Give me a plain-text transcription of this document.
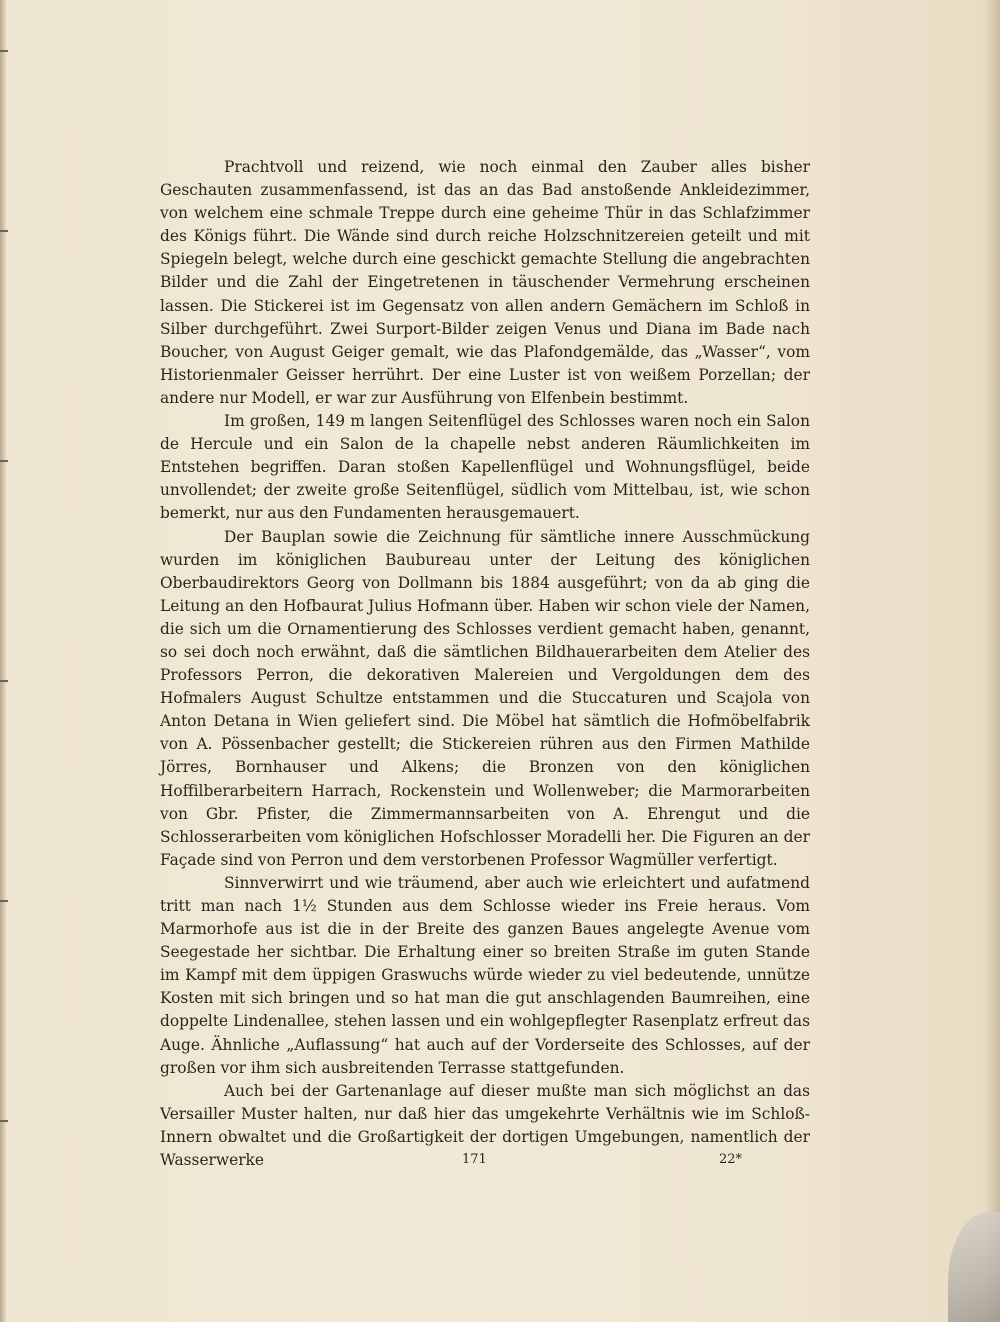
Prachtvoll und reizend, wie noch einmal den Zauber alles bisher Geschauten zusammenfassend, ist das an das Bad anstoßende Ankleidezimmer, von welchem eine schmale Treppe durch eine geheime Thür in das Schlafzimmer des Königs führt. Die Wände sind durch reiche Holzschnitzereien geteilt und mit Spiegeln belegt, welche durch eine geschickt gemachte Stellung die angebrachten Bilder und die Zahl der Eingetretenen in täuschender Vermehrung erscheinen lassen. Die Stickerei ist im Gegensatz von allen andern Gemächern im Schloß in Silber durchgeführt. Zwei Surport-Bilder zeigen Venus und Diana im Bade nach Boucher, von August Geiger gemalt, wie das Plafondgemälde, das „Wasser“, vom Historienmaler Geisser herrührt. Der eine Luster ist von weißem Porzellan; der andere nur Modell, er war zur Ausführung von Elfenbein bestimmt.

Im großen, 149 m langen Seitenflügel des Schlosses waren noch ein Salon de Hercule und ein Salon de la chapelle nebst anderen Räumlichkeiten im Entstehen begriffen. Daran stoßen Kapellenflügel und Wohnungsflügel, beide unvollendet; der zweite große Seitenflügel, südlich vom Mittelbau, ist, wie schon bemerkt, nur aus den Fundamenten herausgemauert.

Der Bauplan sowie die Zeichnung für sämtliche innere Ausschmückung wurden im königlichen Baubureau unter der Leitung des königlichen Oberbaudirektors Georg von Dollmann bis 1884 ausgeführt; von da ab ging die Leitung an den Hofbaurat Julius Hofmann über. Haben wir schon viele der Namen, die sich um die Ornamentierung des Schlosses verdient gemacht haben, genannt, so sei doch noch erwähnt, daß die sämtlichen Bildhauerarbeiten dem Atelier des Professors Perron, die dekorativen Malereien und Vergoldungen dem des Hofmalers August Schultze entstammen und die Stuccaturen und Scajola von Anton Detana in Wien geliefert sind. Die Möbel hat sämtlich die Hofmöbelfabrik von A. Pössenbacher gestellt; die Stickereien rühren aus den Firmen Mathilde Jörres, Bornhauser und Alkens; die Bronzen von den königlichen Hoffilberarbeitern Harrach, Rockenstein und Wollenweber; die Marmorarbeiten von Gbr. Pfister, die Zimmermannsarbeiten von A. Ehrengut und die Schlosserarbeiten vom königlichen Hofschlosser Moradelli her. Die Figuren an der Façade sind von Perron und dem verstorbenen Professor Wagmüller verfertigt.

Sinnverwirrt und wie träumend, aber auch wie erleichtert und aufatmend tritt man nach 1½ Stunden aus dem Schlosse wieder ins Freie heraus. Vom Marmorhofe aus ist die in der Breite des ganzen Baues angelegte Avenue vom Seegestade her sichtbar. Die Erhaltung einer so breiten Straße im guten Stande im Kampf mit dem üppigen Graswuchs würde wieder zu viel bedeutende, unnütze Kosten mit sich bringen und so hat man die gut anschlagenden Baumreihen, eine doppelte Lindenallee, stehen lassen und ein wohlgepflegter Rasenplatz erfreut das Auge. Ähnliche „Auflassung“ hat auch auf der Vorderseite des Schlosses, auf der großen vor ihm sich ausbreitenden Terrasse stattgefunden.

Auch bei der Gartenanlage auf dieser mußte man sich möglichst an das Versailler Muster halten, nur daß hier das umgekehrte Verhältnis wie im Schloß-Innern obwaltet und die Großartigkeit der dortigen Umgebungen, namentlich der Wasserwerke	171	22*
